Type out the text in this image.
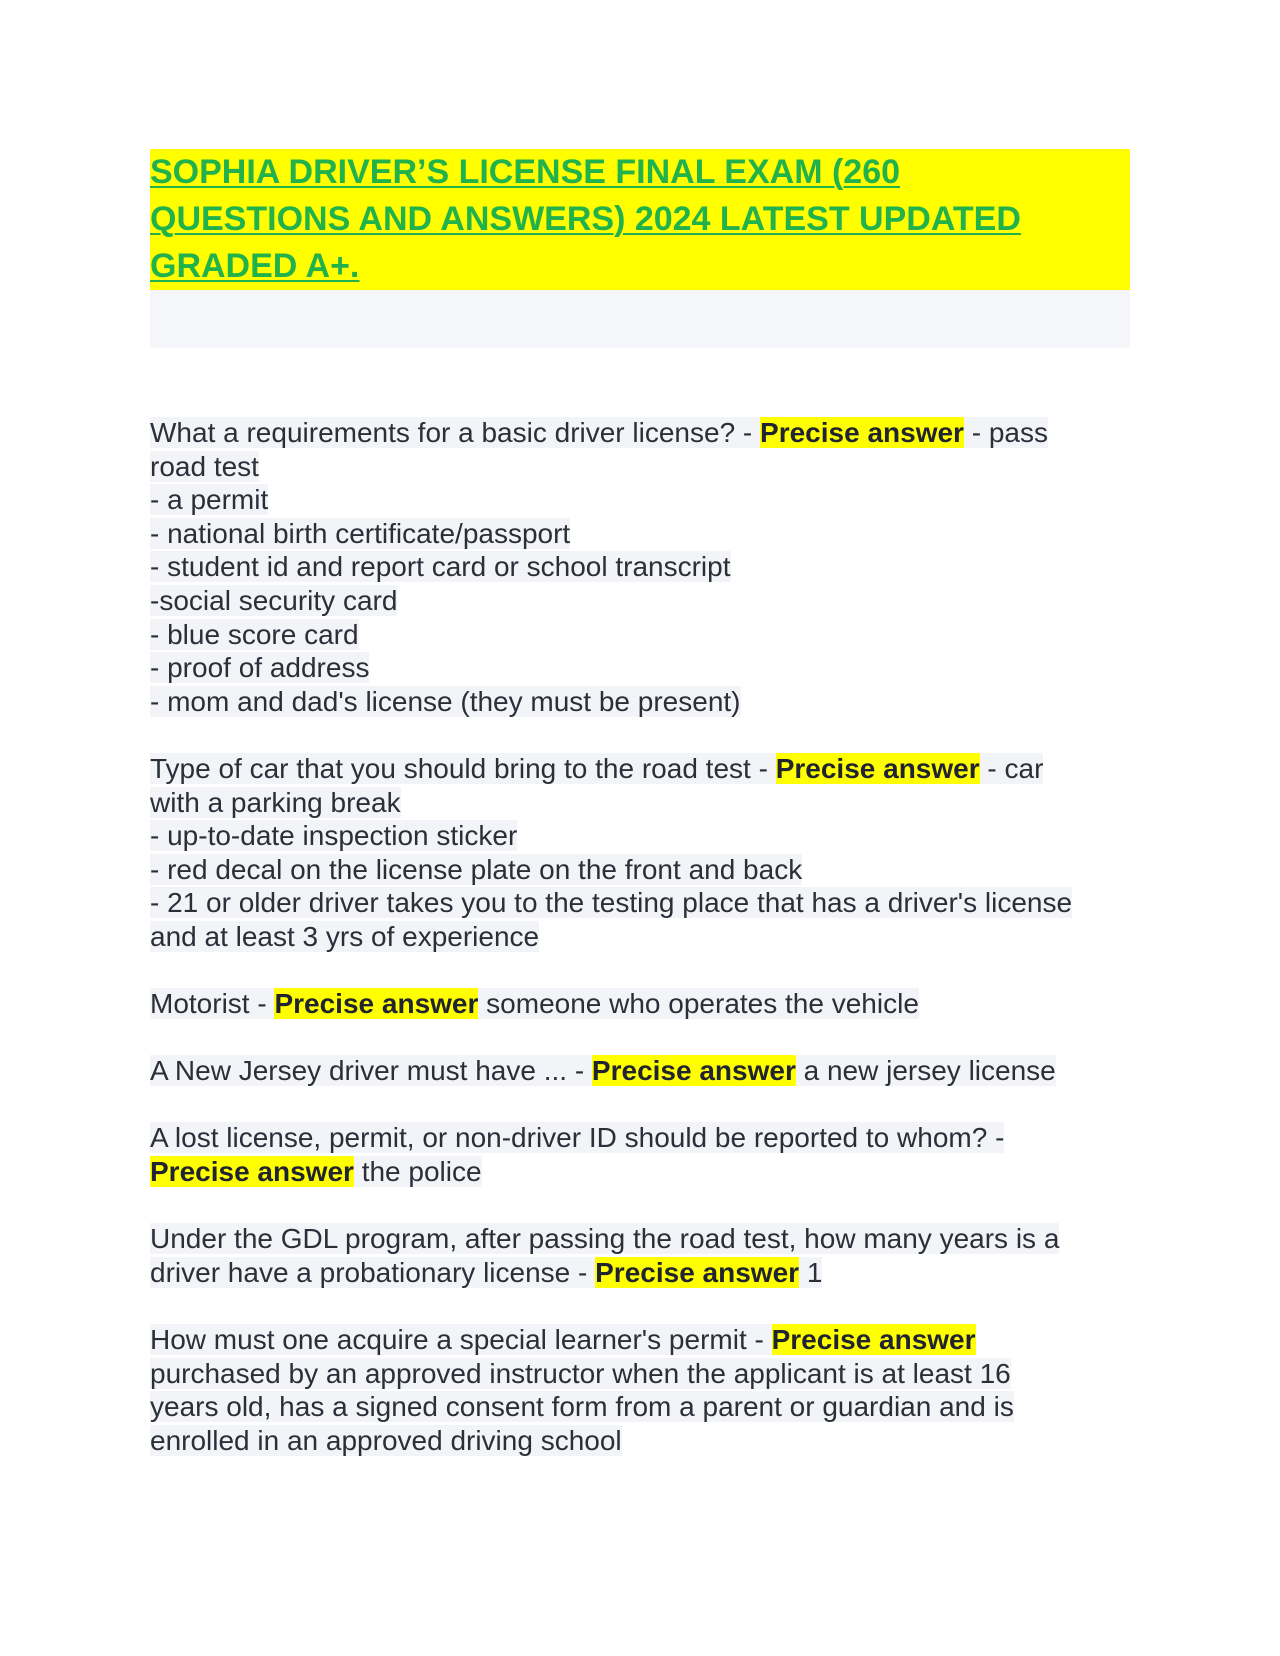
SOPHIA DRIVER’S LICENSE FINAL EXAM (260
QUESTIONS AND ANSWERS) 2024 LATEST UPDATED
GRADED A+.
What a requirements for a basic driver license? - Precise answer - pass
road test
- a permit
- national birth certificate/passport
- student id and report card or school transcript
-social security card
- blue score card
- proof of address
- mom and dad's license (they must be present)
Type of car that you should bring to the road test - Precise answer - car
with a parking break
- up-to-date inspection sticker
- red decal on the license plate on the front and back
- 21 or older driver takes you to the testing place that has a driver's license
and at least 3 yrs of experience
Motorist - Precise answer someone who operates the vehicle
A New Jersey driver must have ... - Precise answer a new jersey license
A lost license, permit, or non-driver ID should be reported to whom? -
Precise answer the police
Under the GDL program, after passing the road test, how many years is a
driver have a probationary license - Precise answer 1
How must one acquire a special learner's permit - Precise answer
purchased by an approved instructor when the applicant is at least 16
years old, has a signed consent form from a parent or guardian and is
enrolled in an approved driving school
